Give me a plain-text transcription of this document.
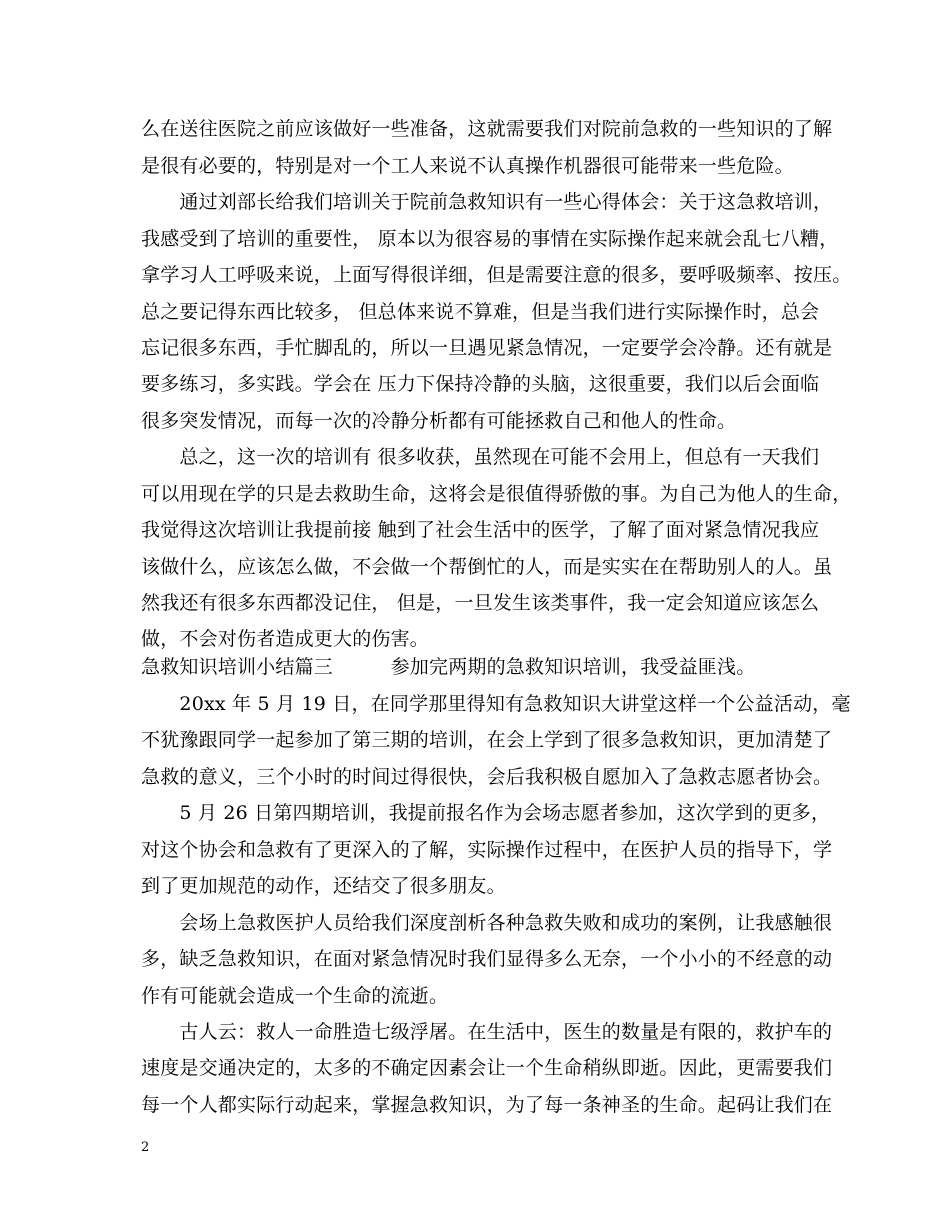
么在送往医院之前应该做好一些准备，这就需要我们对院前急救的一些知识的了解
是很有必要的，特别是对一个工人来说不认真操作机器很可能带来一些危险。
　　通过刘部长给我们培训关于院前急救知识有一些心得体会：关于这急救培训，
我感受到了培训的重要性， 原本以为很容易的事情在实际操作起来就会乱七八糟，
拿学习人工呼吸来说，上面写得很详细，但是需要注意的很多，要呼吸频率、按压。
总之要记得东西比较多， 但总体来说不算难，但是当我们进行实际操作时，总会
忘记很多东西，手忙脚乱的，所以一旦遇见紧急情况，一定要学会冷静。还有就是
要多练习，多实践。学会在 压力下保持冷静的头脑，这很重要，我们以后会面临
很多突发情况，而每一次的冷静分析都有可能拯救自己和他人的性命。
　　总之，这一次的培训有 很多收获，虽然现在可能不会用上，但总有一天我们
可以用现在学的只是去救助生命，这将会是很值得骄傲的事。为自己为他人的生命，
我觉得这次培训让我提前接 触到了社会生活中的医学，了解了面对紧急情况我应
该做什么，应该怎么做，不会做一个帮倒忙的人，而是实实在在帮助别人的人。虽
然我还有很多东西都没记住， 但是，一旦发生该类事件，我一定会知道应该怎么
做，不会对伤者造成更大的伤害。
急救知识培训小结篇三　　　参加完两期的急救知识培训，我受益匪浅。
　　20xx 年 5 月 19 日，在同学那里得知有急救知识大讲堂这样一个公益活动，毫
不犹豫跟同学一起参加了第三期的培训，在会上学到了很多急救知识，更加清楚了
急救的意义，三个小时的时间过得很快，会后我积极自愿加入了急救志愿者协会。
　　5 月 26 日第四期培训，我提前报名作为会场志愿者参加，这次学到的更多，
对这个协会和急救有了更深入的了解，实际操作过程中，在医护人员的指导下，学
到了更加规范的动作，还结交了很多朋友。
　　会场上急救医护人员给我们深度剖析各种急救失败和成功的案例，让我感触很
多，缺乏急救知识，在面对紧急情况时我们显得多么无奈，一个小小的不经意的动
作有可能就会造成一个生命的流逝。
　　古人云：救人一命胜造七级浮屠。在生活中，医生的数量是有限的，救护车的
速度是交通决定的，太多的不确定因素会让一个生命稍纵即逝。因此，更需要我们
每一个人都实际行动起来，掌握急救知识，为了每一条神圣的生命。起码让我们在
2
